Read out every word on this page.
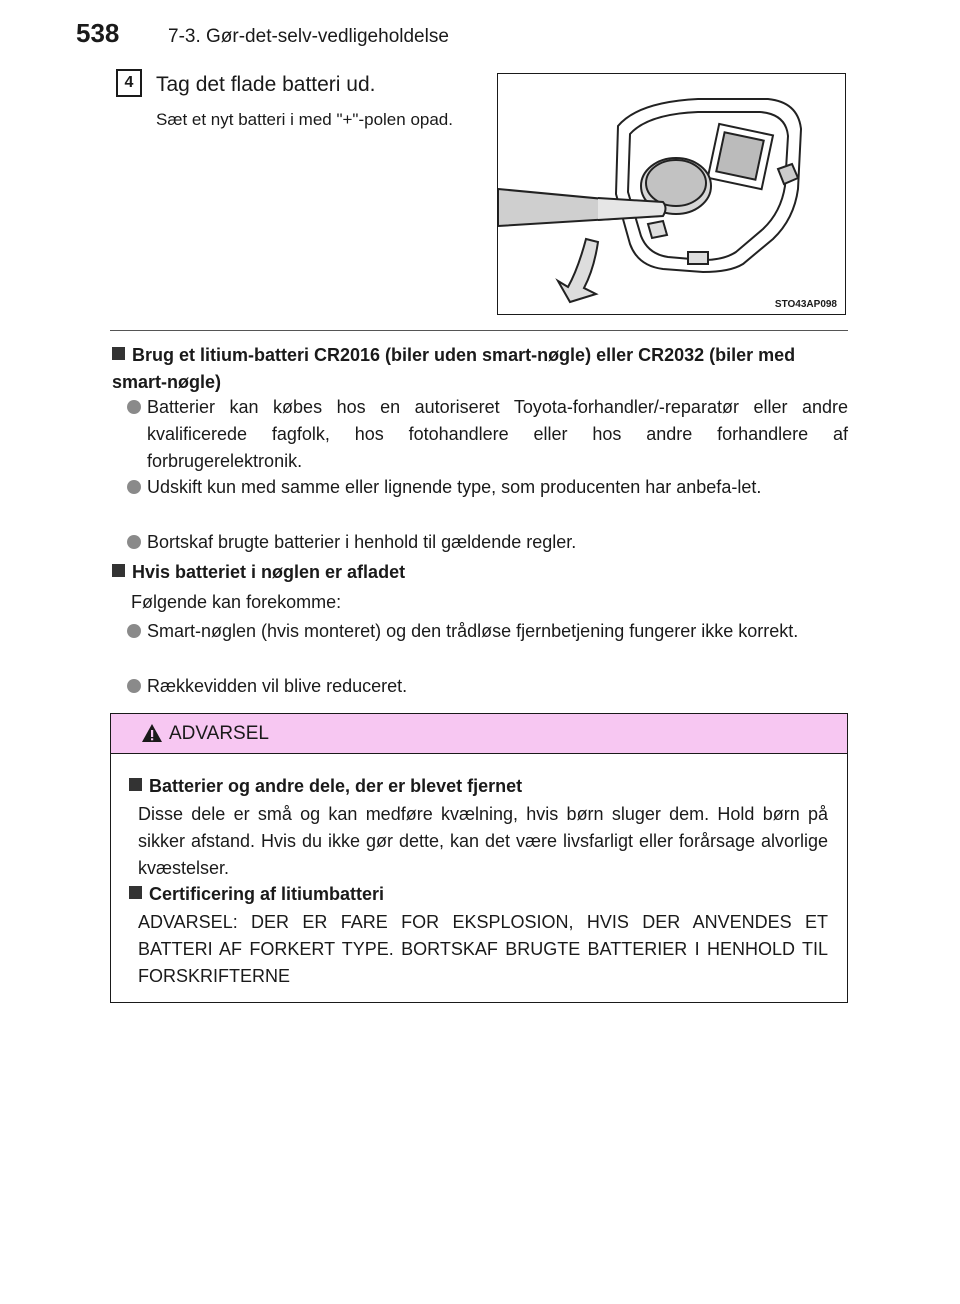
538	7-3. Gør-det-selv-vedligeholdelse
4	Tag det flade batteri ud.
Sæt et nyt batteri i med "+"-polen opad.
STO43AP098
Brug et litium-batteri CR2016 (biler uden smart-nøgle) eller CR2032 (biler med smart-nøgle)
Batterier kan købes hos en autoriseret Toyota-forhandler/-reparatør eller andre kvalificerede fagfolk, hos fotohandlere eller hos andre forhandlere af forbrugerelektronik.
Udskift kun med samme eller lignende type, som producenten har anbefa-let.
Bortskaf brugte batterier i henhold til gældende regler.
Hvis batteriet i nøglen er afladet
Følgende kan forekomme:
Smart-nøglen (hvis monteret) og den trådløse fjernbetjening fungerer ikke korrekt.
Rækkevidden vil blive reduceret.
ADVARSEL
Batterier og andre dele, der er blevet fjernet
Disse dele er små og kan medføre kvælning, hvis børn sluger dem. Hold børn på sikker afstand. Hvis du ikke gør dette, kan det være livsfarligt eller forårsage alvorlige kvæstelser.
Certificering af litiumbatteri
ADVARSEL: DER ER FARE FOR EKSPLOSION, HVIS DER ANVENDES ET BATTERI AF FORKERT TYPE. BORTSKAF BRUGTE BATTERIER I HENHOLD TIL FORSKRIFTERNE
